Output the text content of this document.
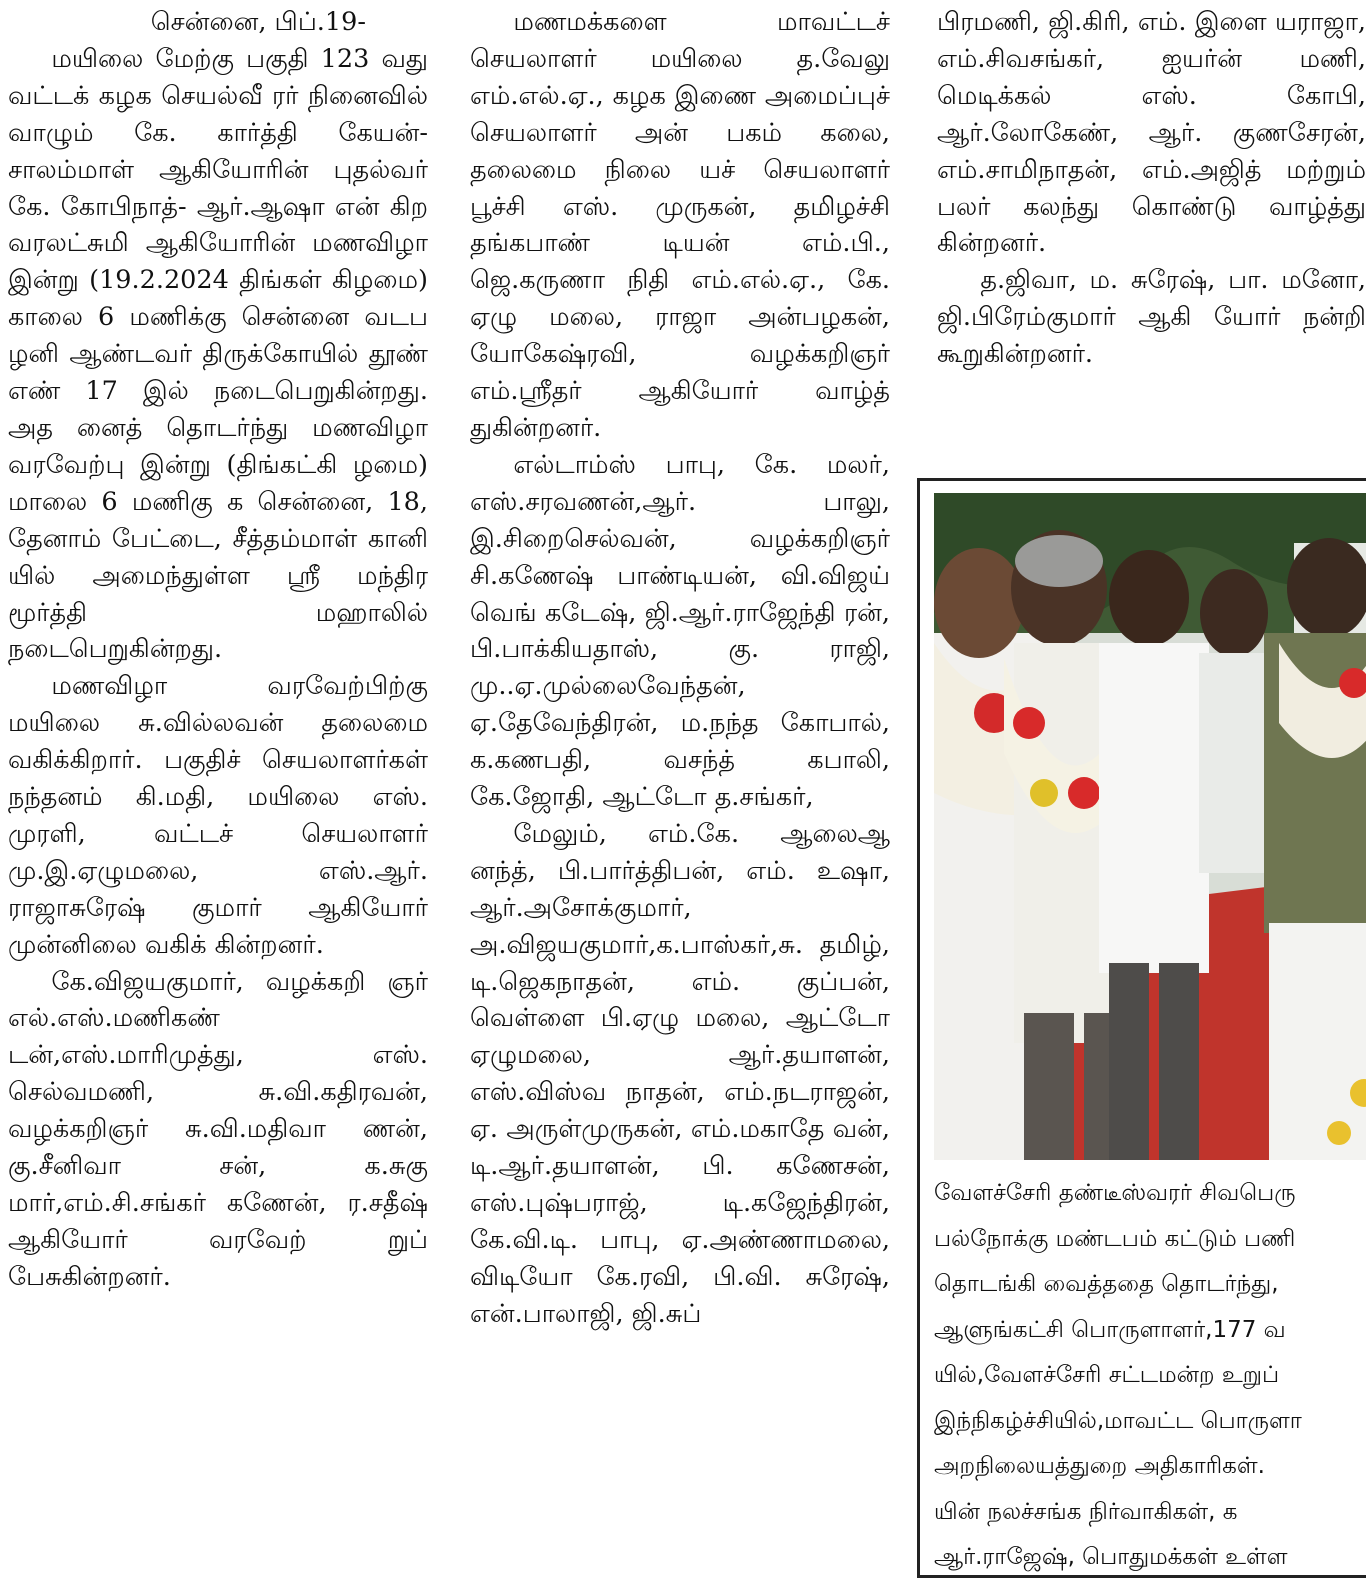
சென்னை, பிப்.19-

மயிலை மேற்கு பகுதி 123 வது வட்டக் கழக செயல்வீ ரர் நினைவில் வாழும் கே. கார்த்தி கேயன்- சாலம்மாள் ஆகியோரின் புதல்வர் கே. கோபிநாத்- ஆர்.ஆஷா என் கிற வரலட்சுமி ஆகியோரின் மணவிழா இன்று (19.2.2024 திங்கள் கிழமை) காலை 6 மணிக்கு சென்னை வடப ழனி ஆண்டவர் திருக்கோயில் தூண் எண் 17 இல் நடைபெறுகின்றது. அத னைத் தொடர்ந்து மணவிழா வரவேற்பு இன்று (திங்கட்கி ழமை) மாலை 6 மணிகு க சென்னை, 18, தேனாம் பேட்டை, சீத்தம்மாள் கானி யில் அமைந்துள்ள ஸ்ரீ மந்திர மூர்த்தி மஹாலில் நடைபெறுகின்றது.

மணவிழா வரவேற்பிற்கு மயிலை சு.வில்லவன் தலைமை வகிக்கிறார். பகுதிச் செயலாளர்கள் நந்தனம் கி.மதி, மயிலை எஸ். முரளி, வட்டச் செயலாளர் மு.இ.ஏழுமலை, எஸ்.ஆர். ராஜாசுரேஷ் குமார் ஆகியோர் முன்னிலை வகிக் கின்றனர்.

கே.விஜயகுமார், வழக்கறி ஞர் எல்.எஸ்.மணிகண் டன்,எஸ்.மாரிமுத்து, எஸ். செல்வமணி, சு.வி.கதிரவன், வழக்கறிஞர் சு.வி.மதிவா ணன், கு.சீனிவா சன், க.சுகு மார்,எம்.சி.சங்கர் கணேன், ர.சதீஷ் ஆகியோர் வரவேற் றுப் பேசுகின்றனர்.

மணமக்களை மாவட்டச் செயலாளர் மயிலை த.வேலு எம்.எல்.ஏ., கழக இணை அமைப்புச் செயலாளர் அன் பகம் கலை, தலைமை நிலை யச் செயலாளர் பூச்சி எஸ். முருகன், தமிழச்சி தங்கபாண் டியன் எம்.பி., ஜெ.கருணா நிதி எம்.எல்.ஏ., கே. ஏழு மலை, ராஜா அன்பழகன், யோகேஷ்ரவி, வழக்கறிஞர் எம்.ஸ்ரீதர் ஆகியோர் வாழ்த் துகின்றனர்.

எல்டாம்ஸ் பாபு, கே. மலர், எஸ்.சரவணன்,ஆர். பாலு, இ.சிறைசெல்வன், வழக்கறிஞர் சி.கணேஷ் பாண்டியன், வி.விஜய் வெங் கடேஷ், ஜி.ஆர்.ராஜேந்தி ரன், பி.பாக்கியதாஸ், கு. ராஜி, மு..ஏ.முல்லைவேந்தன், ஏ.தேவேந்திரன், ம.நந்த கோபால், க.கணபதி, வசந்த் கபாலி, கே.ஜோதி, ஆட்டோ த.சங்கர்,

மேலும், எம்.கே. ஆலைஆ னந்த், பி.பார்த்திபன், எம். உஷா, ஆர்.அசோக்குமார், அ.விஜயகுமார்,க.பாஸ்கர்,சு. தமிழ், டி.ஜெகநாதன், எம். குப்பன், வெள்ளை பி.ஏழு மலை, ஆட்டோ ஏழுமலை, ஆர்.தயாளன், எஸ்.விஸ்வ நாதன், எம்.நடராஜன், ஏ. அருள்முருகன், எம்.மகாதே வன், டி.ஆர்.தயாளன், பி. கணேசன், எஸ்.புஷ்பராஜ், டி.கஜேந்திரன், கே.வி.டி. பாபு, ஏ.அண்ணாமலை, விடியோ கே.ரவி, பி.வி. சுரேஷ், என்.பாலாஜி, ஜி.சுப்

பிரமணி, ஜி.கிரி, எம். இளை யராஜா, எம்.சிவசங்கர், ஐயர்ன் மணி, மெடிக்கல் எஸ். கோபி, ஆர்.லோகேண், ஆர். குணசேரன், எம்.சாமிநாதன், எம்.அஜித் மற்றும் பலர் கலந்து கொண்டு வாழ்த்து கின்றனர்.

த.ஜிவா, ம. சுரேஷ், பா. மனோ, ஜி.பிரேம்குமார் ஆகி யோர் நன்றி கூறுகின்றனர்.

வேளச்சேரி தண்டீஸ்வரர் சிவபெரு

பல்நோக்கு மண்டபம் கட்டும் பணி

தொடங்கி வைத்ததை தொடர்ந்து,

ஆளுங்கட்சி பொருளாளர்,177 வ

யில்,வேளச்சேரி சட்டமன்ற உறுப்

இந்நிகழ்ச்சியில்,மாவட்ட பொருளா

அறநிலையத்துறை அதிகாரிகள்.

யின் நலச்சங்க நிர்வாகிகள், க

ஆர்.ராஜேஷ், பொதுமக்கள் உள்ள
